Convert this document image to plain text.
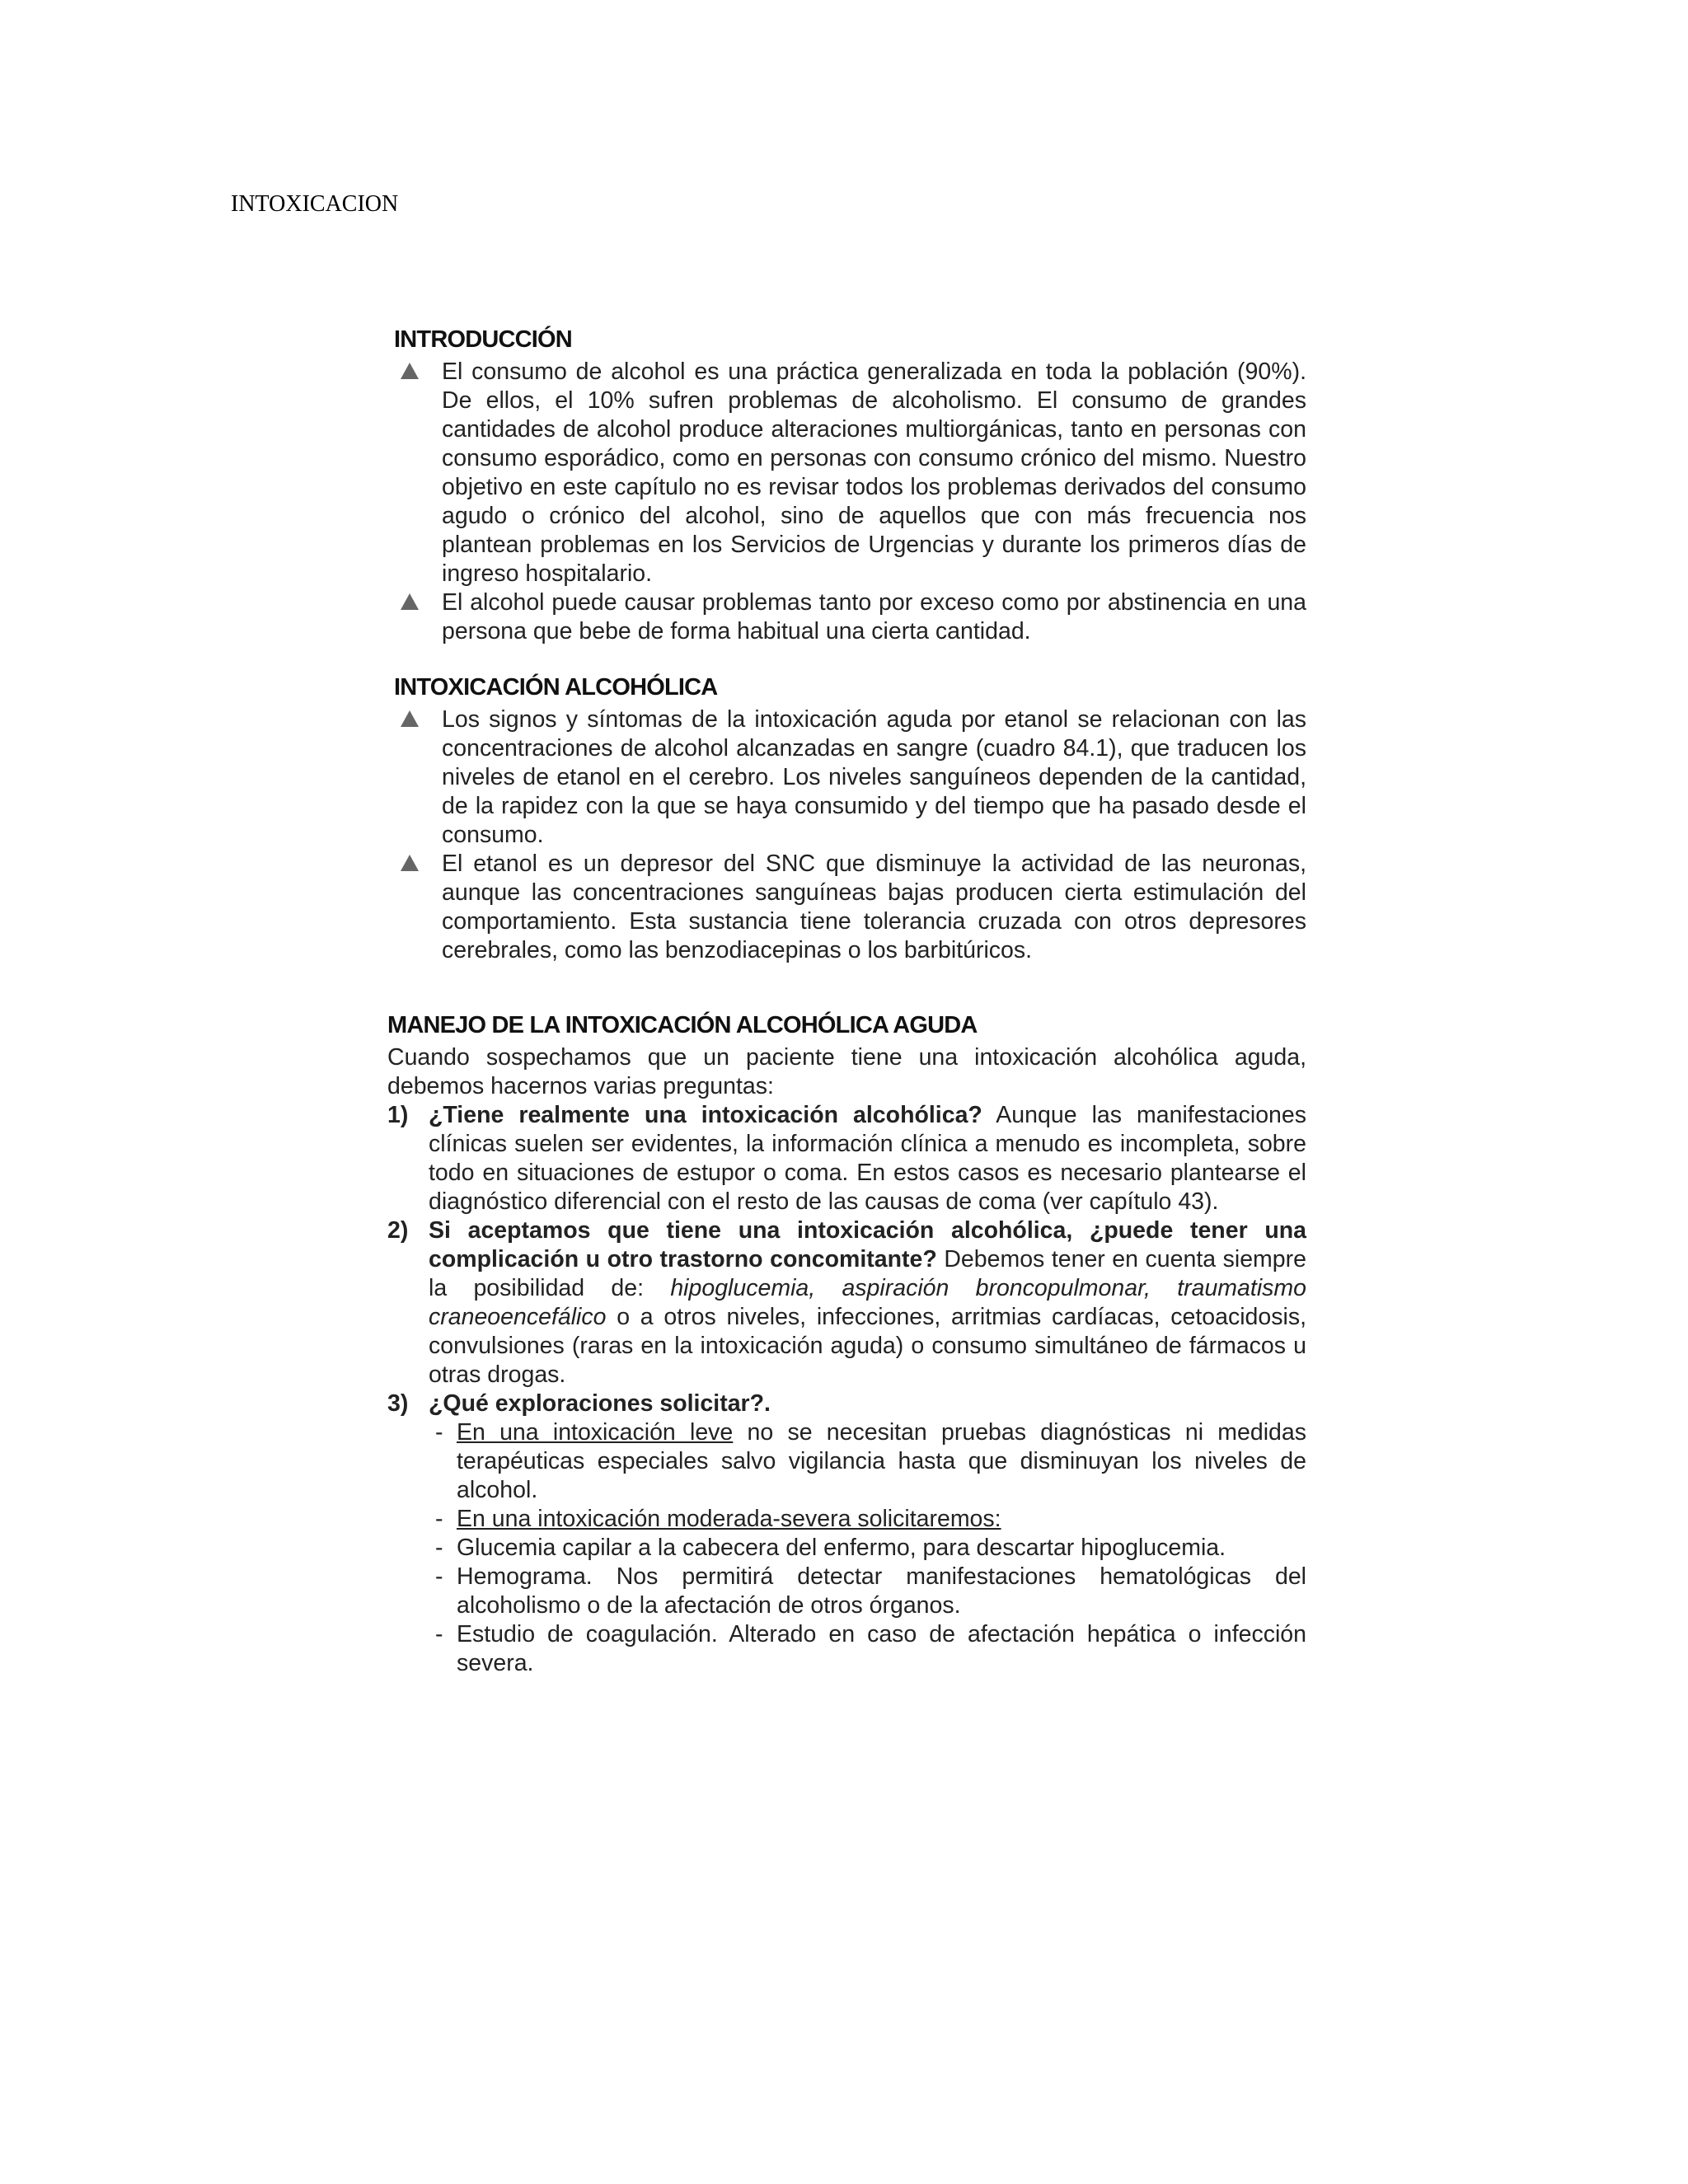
INTOXICACION
INTRODUCCIÓN
El consumo de alcohol es una práctica generalizada en toda la población (90%). De ellos, el 10% sufren problemas de alcoholismo. El consumo de grandes cantidades de alcohol produce alteraciones multiorgánicas, tanto en personas con consumo esporádico, como en personas con consumo crónico del mismo. Nuestro objetivo en este capítulo no es revisar todos los problemas derivados del consumo agudo o crónico del alcohol, sino de aquellos que con más frecuencia nos plantean problemas en los Servicios de Urgencias y durante los primeros días de ingreso hospitalario.
El alcohol puede causar problemas tanto por exceso como por abstinencia en una persona que bebe de forma habitual una cierta cantidad.
INTOXICACIÓN ALCOHÓLICA
Los signos y síntomas de la intoxicación aguda por etanol se relacionan con las concentraciones de alcohol alcanzadas en sangre (cuadro 84.1), que traducen los niveles de etanol en el cerebro. Los niveles sanguíneos dependen de la cantidad, de la rapidez con la que se haya consumido y del tiempo que ha pasado desde el consumo.
El etanol es un depresor del SNC que disminuye la actividad de las neuronas, aunque las concentraciones sanguíneas bajas producen cierta estimulación del comportamiento. Esta sustancia tiene tolerancia cruzada con otros depresores cerebrales, como las benzodiacepinas o los barbitúricos.
MANEJO DE LA INTOXICACIÓN ALCOHÓLICA AGUDA

Cuando sospechamos que un paciente tiene una intoxicación alcohólica aguda, debemos hacernos varias preguntas:

1) ¿Tiene realmente una intoxicación alcohólica? Aunque las manifestaciones clínicas suelen ser evidentes, la información clínica a menudo es incompleta, sobre todo en situaciones de estupor o coma. En estos casos es necesario plantearse el diagnóstico diferencial con el resto de las causas de coma (ver capítulo 43).
2) Si aceptamos que tiene una intoxicación alcohólica, ¿puede tener una complicación u otro trastorno concomitante? Debemos tener en cuenta siempre la posibilidad de: hipoglucemia, aspiración broncopulmonar, traumatismo craneoencefálico o a otros niveles, infecciones, arritmias cardíacas, cetoacidosis, convulsiones (raras en la intoxicación aguda) o consumo simultáneo de fármacos u otras drogas.
3) ¿Qué exploraciones solicitar?.
- En una intoxicación leve no se necesitan pruebas diagnósticas ni medidas terapéuticas especiales salvo vigilancia hasta que disminuyan los niveles de alcohol.
- En una intoxicación moderada-severa solicitaremos:
- Glucemia capilar a la cabecera del enfermo, para descartar hipoglucemia.
- Hemograma. Nos permitirá detectar manifestaciones hematológicas del alcoholismo o de la afectación de otros órganos.
- Estudio de coagulación. Alterado en caso de afectación hepática o infección severa.
